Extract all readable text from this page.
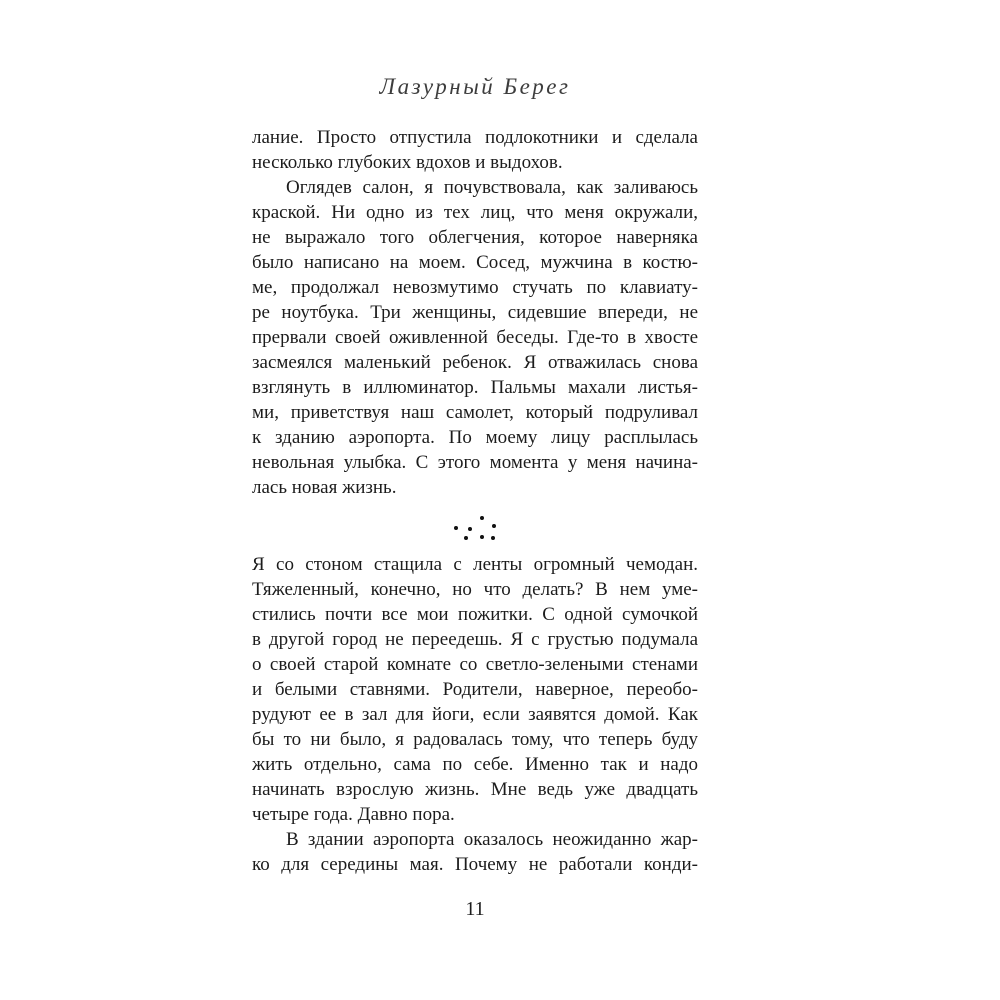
Лазурный Берег
лание. Просто отпустила подлокотники и сделала
несколько глубоких вдохов и выдохов.
Оглядев салон, я почувствовала, как заливаюсь
краской. Ни одно из тех лиц, что меня окружали,
не выражало того облегчения, которое наверняка
было написано на моем. Сосед, мужчина в костю-
ме, продолжал невозмутимо стучать по клавиату-
ре ноутбука. Три женщины, сидевшие впереди, не
прервали своей оживленной беседы. Где-то в хвосте
засмеялся маленький ребенок. Я отважилась снова
взглянуть в иллюминатор. Пальмы махали листья-
ми, приветствуя наш самолет, который подруливал
к зданию аэропорта. По моему лицу расплылась
невольная улыбка. С этого момента у меня начина-
лась новая жизнь.
Я со стоном стащила с ленты огромный чемодан.
Тяжеленный, конечно, но что делать? В нем уме-
стились почти все мои пожитки. С одной сумочкой
в другой город не переедешь. Я с грустью подумала
о своей старой комнате со светло-зелеными стенами
и белыми ставнями. Родители, наверное, переобо-
рудуют ее в зал для йоги, если заявятся домой. Как
бы то ни было, я радовалась тому, что теперь буду
жить отдельно, сама по себе. Именно так и надо
начинать взрослую жизнь. Мне ведь уже двадцать
четыре года. Давно пора.
В здании аэропорта оказалось неожиданно жар-
ко для середины мая. Почему не работали конди-
11
